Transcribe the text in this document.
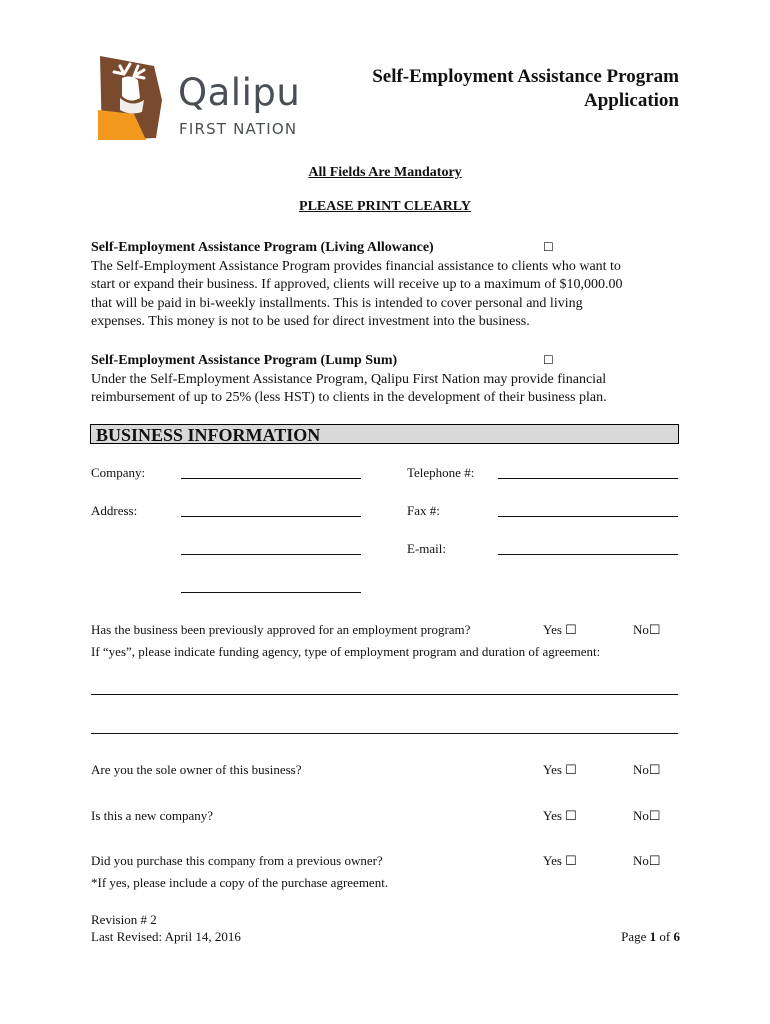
Qalipu
FIRST NATION
Self-Employment Assistance Program
Application
All Fields Are Mandatory
PLEASE PRINT CLEARLY
Self-Employment Assistance Program (Living Allowance)	☐
The Self-Employment Assistance Program provides financial assistance to clients who want to
start or expand their business. If approved, clients will receive up to a maximum of $10,000.00
that will be paid in bi-weekly installments. This is intended to cover personal and living
expenses. This money is not to be used for direct investment into the business.
Self-Employment Assistance Program (Lump Sum)	☐
Under the Self-Employment Assistance Program, Qalipu First Nation may provide financial
reimbursement of up to 25% (less HST) to clients in the development of their business plan.
BUSINESS INFORMATION
Company:	Telephone #:
Address:	Fax #:
E-mail:
Has the business been previously approved for an employment program?	Yes ☐	No☐
If “yes”, please indicate funding agency, type of employment program and duration of agreement:
Are you the sole owner of this business?	Yes ☐	No☐
Is this a new company?	Yes ☐	No☐
Did you purchase this company from a previous owner?	Yes ☐	No☐
*If yes, please include a copy of the purchase agreement.
Revision # 2
Last Revised: April 14, 2016	Page 1 of 6
